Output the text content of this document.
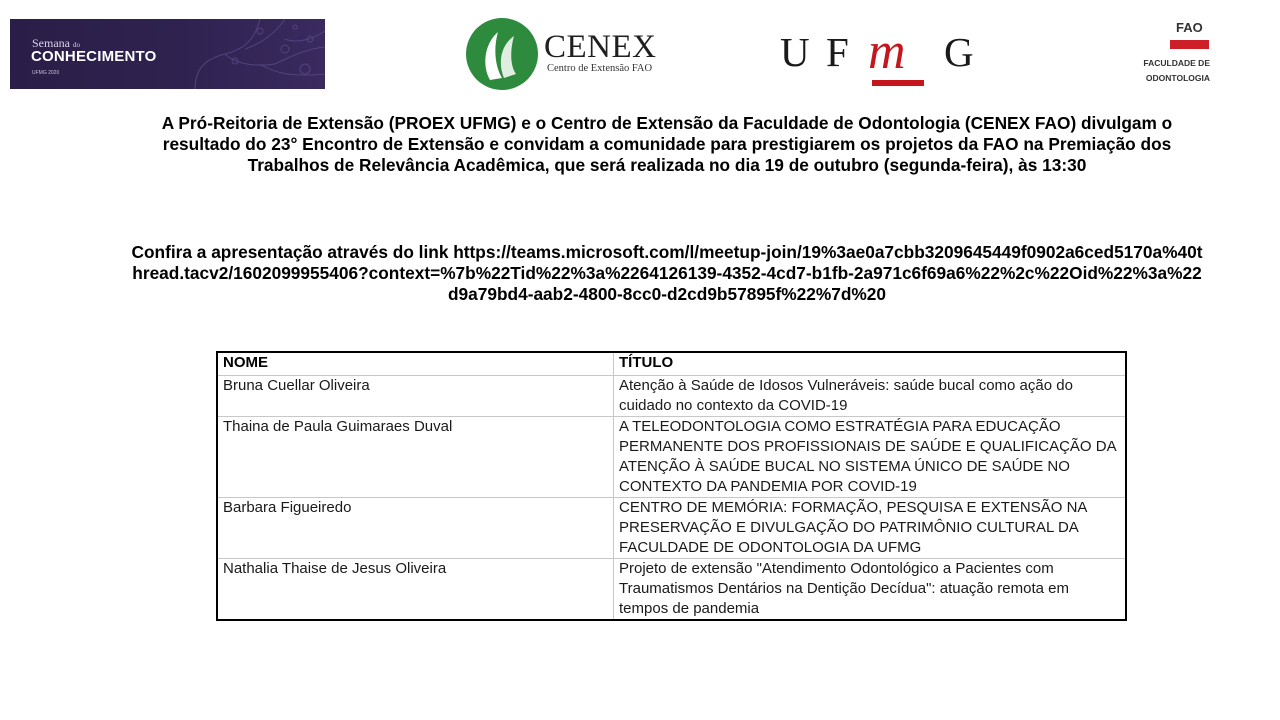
Semana do
CONHECIMENTO
UFMG 2020
CENEX
Centro de Extensão FAO	U F m G
FAO
FACULDADE DE
ODONTOLOGIA
A Pró-Reitoria de Extensão (PROEX UFMG) e o Centro de Extensão da Faculdade de Odontologia (CENEX FAO) divulgam o resultado do 23° Encontro de Extensão e convidam a comunidade para prestigiarem os projetos da FAO na Premiação dos Trabalhos de Relevância Acadêmica, que será realizada no dia 19 de outubro (segunda-feira), às 13:30
Confira a apresentação através do link https://teams.microsoft.com/l/meetup-join/19%3ae0a7cbb3209645449f0902a6ced5170a%40thread.tacv2/1602099955406?context=%7b%22Tid%22%3a%2264126139-4352-4cd7-b1fb-2a971c6f69a6%22%2c%22Oid%22%3a%22d9a79bd4-aab2-4800-8cc0-d2cd9b57895f%22%7d%20
NOME	TÍTULO
Bruna Cuellar Oliveira	Atenção à Saúde de Idosos Vulneráveis: saúde bucal como ação do cuidado no contexto da COVID-19
Thaina de Paula Guimaraes Duval	A TELEODONTOLOGIA COMO ESTRATÉGIA PARA EDUCAÇÃO PERMANENTE DOS PROFISSIONAIS DE SAÚDE E QUALIFICAÇÃO DA ATENÇÃO À SAÚDE BUCAL NO SISTEMA ÚNICO DE SAÚDE NO CONTEXTO DA PANDEMIA POR COVID-19
Barbara Figueiredo	CENTRO DE MEMÓRIA: FORMAÇÃO, PESQUISA E EXTENSÃO NA PRESERVAÇÃO E DIVULGAÇÃO DO PATRIMÔNIO CULTURAL DA FACULDADE DE ODONTOLOGIA DA UFMG
Nathalia Thaise de Jesus Oliveira	Projeto de extensão "Atendimento Odontológico a Pacientes com Traumatismos Dentários na Dentição Decídua": atuação remota em tempos de pandemia
